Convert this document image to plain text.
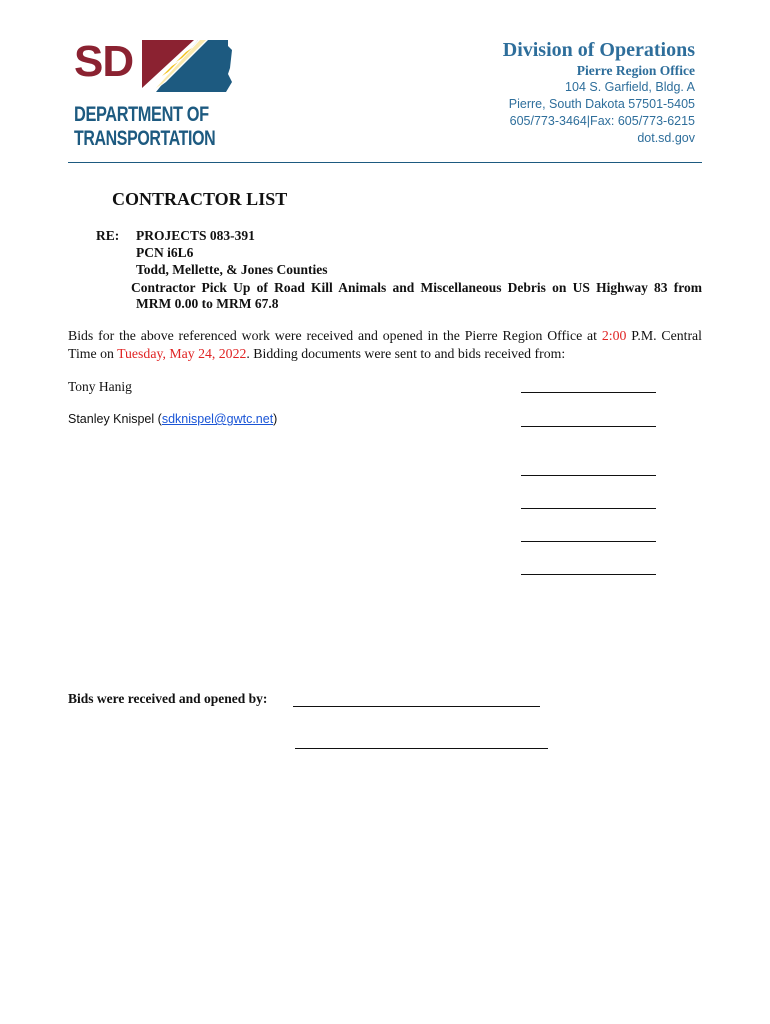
SD
DEPARTMENT OF
TRANSPORTATION
Division of Operations
Pierre Region Office
104 S. Garfield, Bldg. A
Pierre, South Dakota 57501-5405
605/773-3464|Fax: 605/773-6215
dot.sd.gov
CONTRACTOR LIST
RE: PROJECTS 083-391
PCN i6L6
Todd, Mellette, & Jones Counties
Contractor Pick Up of Road Kill Animals and Miscellaneous Debris on US Highway 83 from
MRM 0.00 to MRM 67.8
Bids for the above referenced work were received and opened in the Pierre Region Office at 2:00 P.M. Central
Time on Tuesday, May 24, 2022. Bidding documents were sent to and bids received from:
Tony Hanig
Stanley Knispel (sdknispel@gwtc.net)
Bids were received and opened by:
